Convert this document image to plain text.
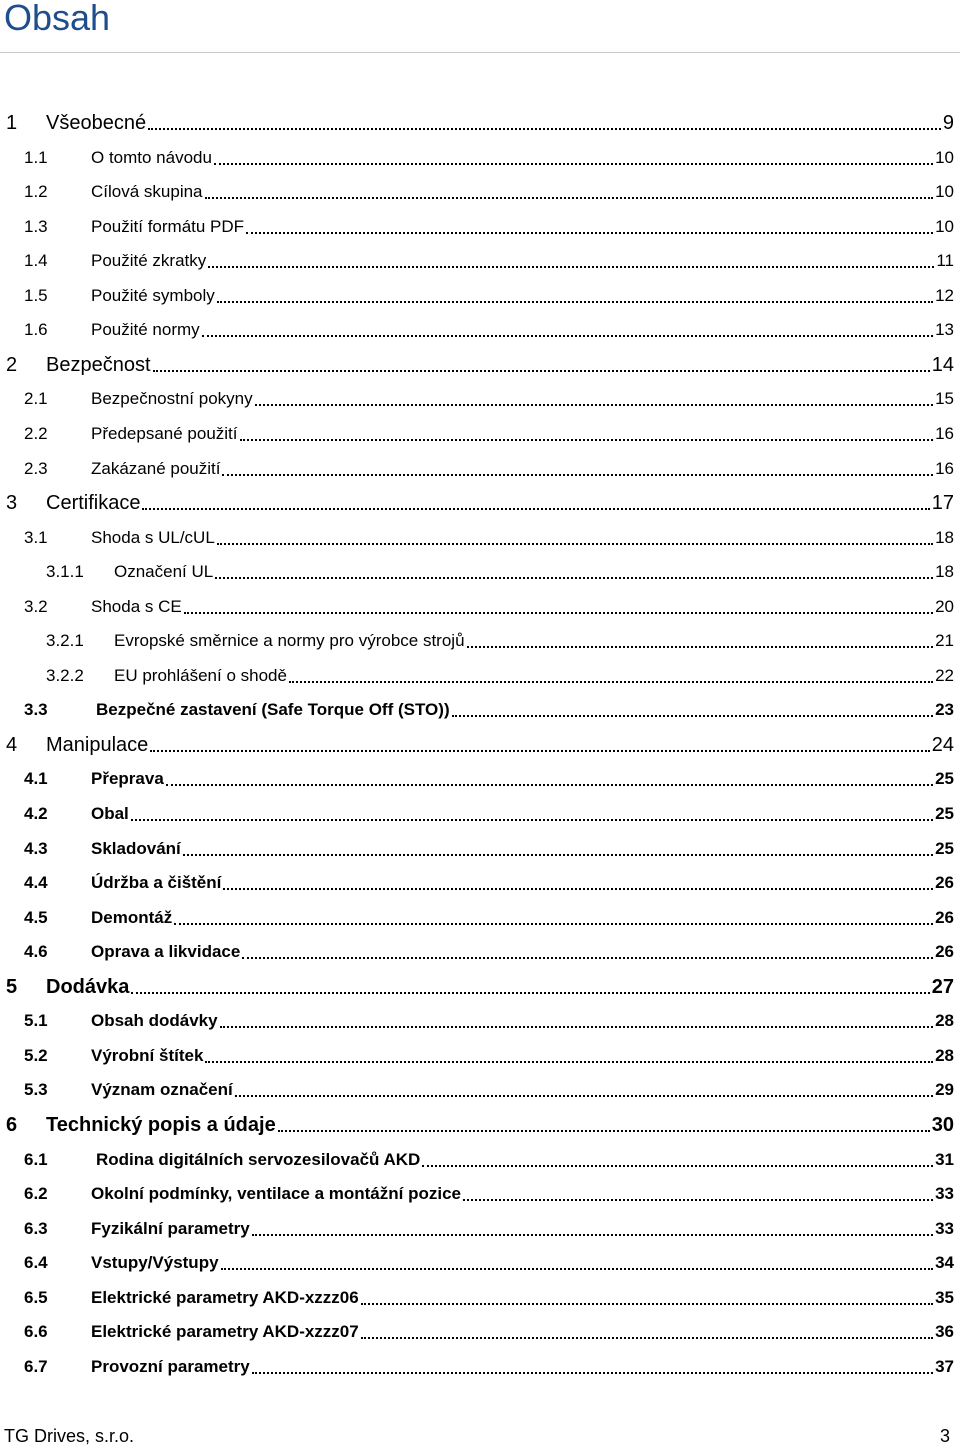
Obsah
1	Všeobecné	9
1.1	O tomto návodu	10
1.2	Cílová skupina	10
1.3	Použití formátu PDF	10
1.4	Použité zkratky	11
1.5	Použité symboly	12
1.6	Použité normy	13
2	Bezpečnost	14
2.1	Bezpečnostní pokyny	15
2.2	Předepsané použití	16
2.3	Zakázané použití	16
3	Certifikace	17
3.1	Shoda s UL/cUL	18
3.1.1	Označení UL	18
3.2	Shoda s CE	20
3.2.1	Evropské směrnice a normy pro výrobce strojů	21
3.2.2	EU prohlášení o shodě	22
3.3	Bezpečné zastavení (Safe Torque Off (STO))	23
4	Manipulace	24
4.1	Přeprava	25
4.2	Obal	25
4.3	Skladování	25
4.4	Údržba a čištění	26
4.5	Demontáž	26
4.6	Oprava a likvidace	26
5	Dodávka	27
5.1	Obsah dodávky	28
5.2	Výrobní štítek	28
5.3	Význam označení	29
6	Technický popis a údaje	30
6.1	Rodina digitálních servozesilovačů AKD	31
6.2	Okolní podmínky, ventilace a montážní pozice	33
6.3	Fyzikální parametry	33
6.4	Vstupy/Výstupy	34
6.5	Elektrické parametry AKD-xzzz06	35
6.6	Elektrické parametry AKD-xzzz07	36
6.7	Provozní parametry	37
TG Drives, s.r.o.	3
